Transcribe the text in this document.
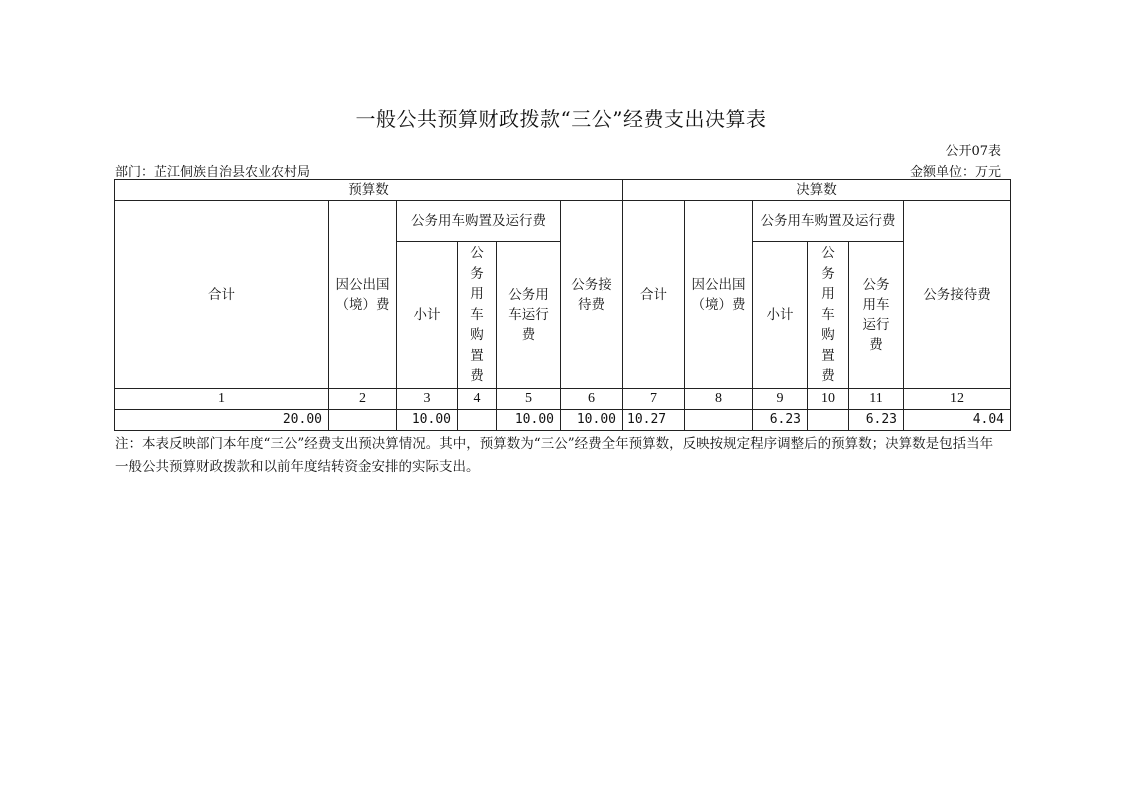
一般公共预算财政拨款“三公”经费支出决算表
公开07表
部门：芷江侗族自治县农业农村局	金额单位：万元
预算数						决算数					
合计	因公出国（境）费	公务用车购置及运行费			公务接待费	合计	因公出国（境）费	公务用车购置及运行费			公务接待费
		小计	公务用车购置费	公务用车运行费				小计	公务用车购置费	公务用车运行费	
1	2	3	4	5	6	7	8	9	10	11	12
20.00		10.00		10.00	10.00	10.27		6.23		6.23	4.04
注：本表反映部门本年度“三公”经费支出预决算情况。其中，预算数为“三公”经费全年预算数，反映按规定程序调整后的预算数；决算数是包括当年一般公共预算财政拨款和以前年度结转资金安排的实际支出。
